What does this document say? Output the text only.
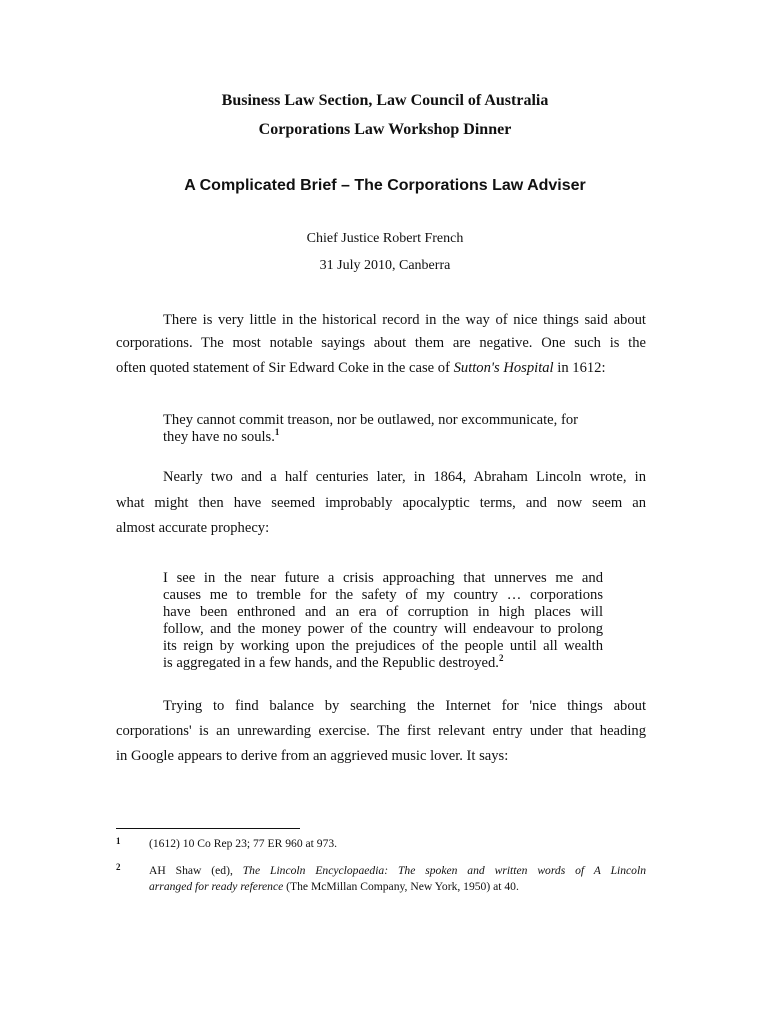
Business Law Section, Law Council of Australia
Corporations Law Workshop Dinner
A Complicated Brief – The Corporations Law Adviser
Chief Justice Robert French
31 July 2010, Canberra
There is very little in the historical record in the way of nice things said about
corporations. The most notable sayings about them are negative. One such is the
often quoted statement of Sir Edward Coke in the case of Sutton's Hospital in 1612:
They cannot commit treason, nor be outlawed, nor excommunicate, for
they have no souls.$^1$
Nearly two and a half centuries later, in 1864, Abraham Lincoln wrote, in
what might then have seemed improbably apocalyptic terms, and now seem an
almost accurate prophecy:
I see in the near future a crisis approaching that unnerves me and
causes me to tremble for the safety of my country … corporations
have been enthroned and an era of corruption in high places will
follow, and the money power of the country will endeavour to prolong
its reign by working upon the prejudices of the people until all wealth
is aggregated in a few hands, and the Republic destroyed.$^2$
Trying to find balance by searching the Internet for 'nice things about
corporations' is an unrewarding exercise. The first relevant entry under that heading
in Google appears to derive from an aggrieved music lover. It says:
1 (1612) 10 Co Rep 23; 77 ER 960 at 973.
2 AH Shaw (ed), The Lincoln Encyclopaedia: The spoken and written words of A Lincoln
arranged for ready reference (The McMillan Company, New York, 1950) at 40.
